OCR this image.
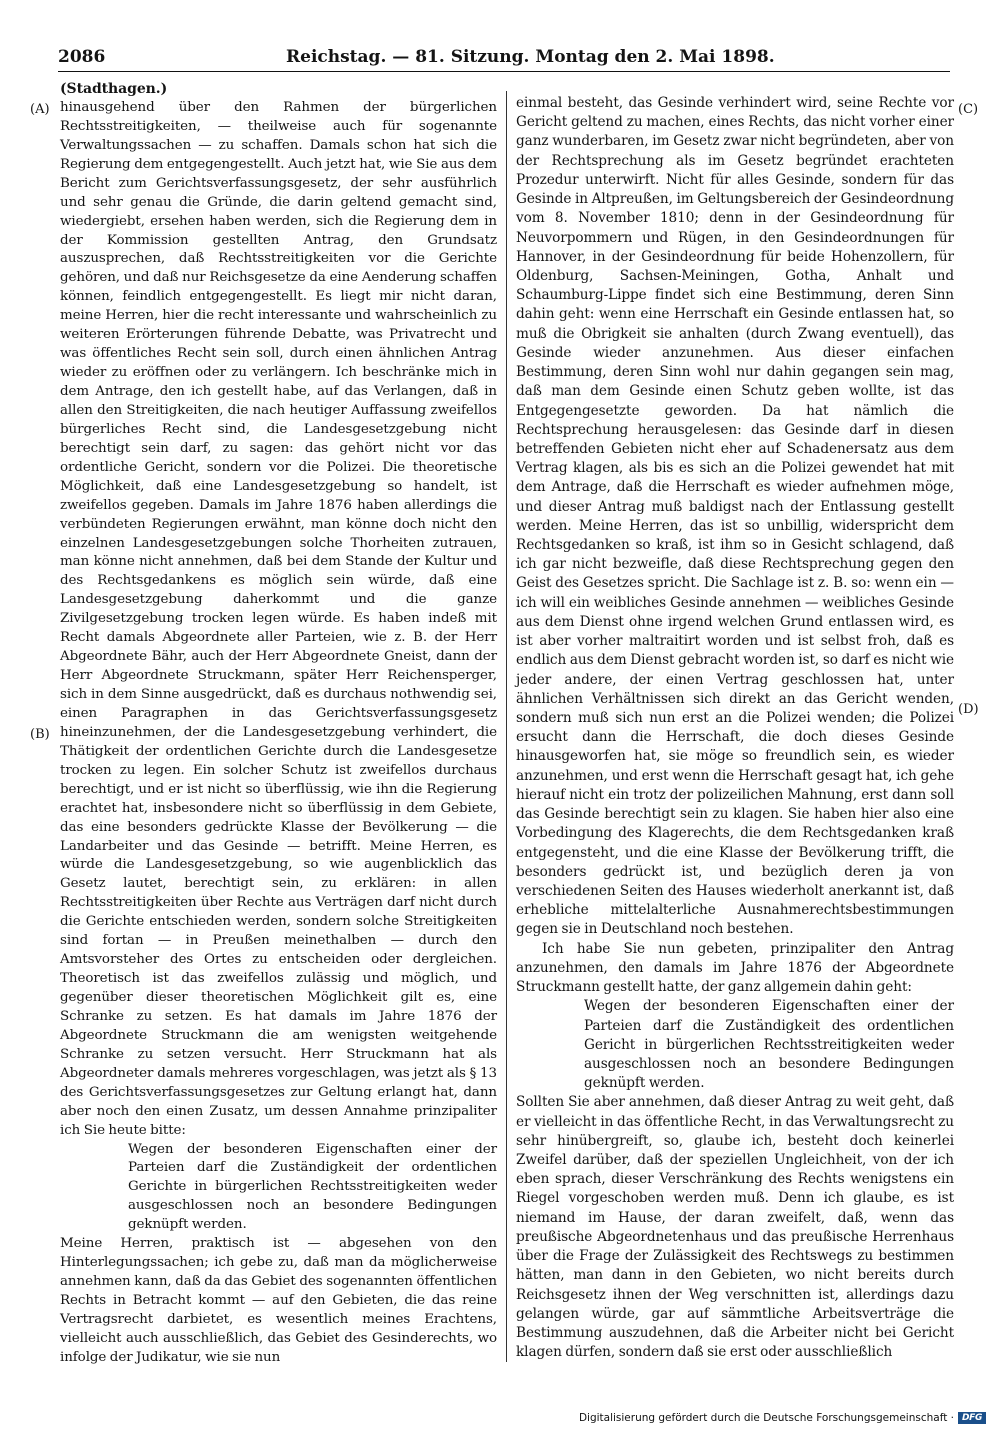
2086	Reichstag. — 81. Sitzung. Montag den 2. Mai 1898.
(A)
(B)
(C)
(D)
(Stadthagen.)

hinausgehend über den Rahmen der bürgerlichen Rechtsstreitigkeiten, — theilweise auch für sogenannte Verwaltungssachen — zu schaffen. Damals schon hat sich die Regierung dem entgegengestellt. Auch jetzt hat, wie Sie aus dem Bericht zum Gerichtsverfassungsgesetz, der sehr ausführlich und sehr genau die Gründe, die darin geltend gemacht sind, wiedergiebt, ersehen haben werden, sich die Regierung dem in der Kommission gestellten Antrag, den Grundsatz auszusprechen, daß Rechtsstreitigkeiten vor die Gerichte gehören, und daß nur Reichsgesetze da eine Aenderung schaffen können, feindlich entgegengestellt. Es liegt mir nicht daran, meine Herren, hier die recht interessante und wahrscheinlich zu weiteren Erörterungen führende Debatte, was Privatrecht und was öffentliches Recht sein soll, durch einen ähnlichen Antrag wieder zu eröffnen oder zu verlängern. Ich beschränke mich in dem Antrage, den ich gestellt habe, auf das Verlangen, daß in allen den Streitigkeiten, die nach heutiger Auffassung zweifellos bürgerliches Recht sind, die Landesgesetzgebung nicht berechtigt sein darf, zu sagen: das gehört nicht vor das ordentliche Gericht, sondern vor die Polizei. Die theoretische Möglichkeit, daß eine Landesgesetzgebung so handelt, ist zweifellos gegeben. Damals im Jahre 1876 haben allerdings die verbündeten Regierungen erwähnt, man könne doch nicht den einzelnen Landesgesetzgebungen solche Thorheiten zutrauen, man könne nicht annehmen, daß bei dem Stande der Kultur und des Rechtsgedankens es möglich sein würde, daß eine Landesgesetzgebung daherkommt und die ganze Zivilgesetzgebung trocken legen würde. Es haben indeß mit Recht damals Abgeordnete aller Parteien, wie z. B. der Herr Abgeordnete Bähr, auch der Herr Abgeordnete Gneist, dann der Herr Abgeordnete Struckmann, später Herr Reichensperger, sich in dem Sinne ausgedrückt, daß es durchaus nothwendig sei, einen Paragraphen in das Gerichtsverfassungsgesetz hineinzunehmen, der die Landesgesetzgebung verhindert, die Thätigkeit der ordentlichen Gerichte durch die Landesgesetze trocken zu legen. Ein solcher Schutz ist zweifellos durchaus berechtigt, und er ist nicht so überflüssig, wie ihn die Regierung erachtet hat, insbesondere nicht so überflüssig in dem Gebiete, das eine besonders gedrückte Klasse der Bevölkerung — die Landarbeiter und das Gesinde — betrifft. Meine Herren, es würde die Landesgesetzgebung, so wie augenblicklich das Gesetz lautet, berechtigt sein, zu erklären: in allen Rechtsstreitigkeiten über Rechte aus Verträgen darf nicht durch die Gerichte entschieden werden, sondern solche Streitigkeiten sind fortan — in Preußen meinethalben — durch den Amtsvorsteher des Ortes zu entscheiden oder dergleichen. Theoretisch ist das zweifellos zulässig und möglich, und gegenüber dieser theoretischen Möglichkeit gilt es, eine Schranke zu setzen. Es hat damals im Jahre 1876 der Abgeordnete Struckmann die am wenigsten weitgehende Schranke zu setzen versucht. Herr Struckmann hat als Abgeordneter damals mehreres vorgeschlagen, was jetzt als § 13 des Gerichtsverfassungsgesetzes zur Geltung erlangt hat, dann aber noch den einen Zusatz, um dessen Annahme prinzipaliter ich Sie heute bitte:

Wegen der besonderen Eigenschaften einer der Parteien darf die Zuständigkeit der ordentlichen Gerichte in bürgerlichen Rechtsstreitigkeiten weder ausgeschlossen noch an besondere Bedingungen geknüpft werden.

Meine Herren, praktisch ist — abgesehen von den Hinterlegungssachen; ich gebe zu, daß man da möglicherweise annehmen kann, daß da das Gebiet des sogenannten öffentlichen Rechts in Betracht kommt — auf den Gebieten, die das reine Vertragsrecht darbietet, es wesentlich meines Erachtens, vielleicht auch ausschließlich, das Gebiet des Gesinderechts, wo infolge der Judikatur, wie sie nun

einmal besteht, das Gesinde verhindert wird, seine Rechte vor Gericht geltend zu machen, eines Rechts, das nicht vorher einer ganz wunderbaren, im Gesetz zwar nicht begründeten, aber von der Rechtsprechung als im Gesetz begründet erachteten Prozedur unterwirft. Nicht für alles Gesinde, sondern für das Gesinde in Altpreußen, im Geltungsbereich der Gesindeordnung vom 8. November 1810; denn in der Gesindeordnung für Neuvorpommern und Rügen, in den Gesindeordnungen für Hannover, in der Gesindeordnung für beide Hohenzollern, für Oldenburg, Sachsen-Meiningen, Gotha, Anhalt und Schaumburg-Lippe findet sich eine Bestimmung, deren Sinn dahin geht: wenn eine Herrschaft ein Gesinde entlassen hat, so muß die Obrigkeit sie anhalten (durch Zwang eventuell), das Gesinde wieder anzunehmen. Aus dieser einfachen Bestimmung, deren Sinn wohl nur dahin gegangen sein mag, daß man dem Gesinde einen Schutz geben wollte, ist das Entgegengesetzte geworden. Da hat nämlich die Rechtsprechung herausgelesen: das Gesinde darf in diesen betreffenden Gebieten nicht eher auf Schadenersatz aus dem Vertrag klagen, als bis es sich an die Polizei gewendet hat mit dem Antrage, daß die Herrschaft es wieder aufnehmen möge, und dieser Antrag muß baldigst nach der Entlassung gestellt werden. Meine Herren, das ist so unbillig, widerspricht dem Rechtsgedanken so kraß, ist ihm so in Gesicht schlagend, daß ich gar nicht bezweifle, daß diese Rechtsprechung gegen den Geist des Gesetzes spricht. Die Sachlage ist z. B. so: wenn ein — ich will ein weibliches Gesinde annehmen — weibliches Gesinde aus dem Dienst ohne irgend welchen Grund entlassen wird, es ist aber vorher maltraitirt worden und ist selbst froh, daß es endlich aus dem Dienst gebracht worden ist, so darf es nicht wie jeder andere, der einen Vertrag geschlossen hat, unter ähnlichen Verhältnissen sich direkt an das Gericht wenden, sondern muß sich nun erst an die Polizei wenden; die Polizei ersucht dann die Herrschaft, die doch dieses Gesinde hinausgeworfen hat, sie möge so freundlich sein, es wieder anzunehmen, und erst wenn die Herrschaft gesagt hat, ich gehe hierauf nicht ein trotz der polizeilichen Mahnung, erst dann soll das Gesinde berechtigt sein zu klagen. Sie haben hier also eine Vorbedingung des Klagerechts, die dem Rechtsgedanken kraß entgegensteht, und die eine Klasse der Bevölkerung trifft, die besonders gedrückt ist, und bezüglich deren ja von verschiedenen Seiten des Hauses wiederholt anerkannt ist, daß erhebliche mittelalterliche Ausnahmerechtsbestimmungen gegen sie in Deutschland noch bestehen.

Ich habe Sie nun gebeten, prinzipaliter den Antrag anzunehmen, den damals im Jahre 1876 der Abgeordnete Struckmann gestellt hatte, der ganz allgemein dahin geht:

Wegen der besonderen Eigenschaften einer der Parteien darf die Zuständigkeit des ordentlichen Gericht in bürgerlichen Rechtsstreitigkeiten weder ausgeschlossen noch an besondere Bedingungen geknüpft werden.

Sollten Sie aber annehmen, daß dieser Antrag zu weit geht, daß er vielleicht in das öffentliche Recht, in das Verwaltungsrecht zu sehr hinübergreift, so, glaube ich, besteht doch keinerlei Zweifel darüber, daß der speziellen Ungleichheit, von der ich eben sprach, dieser Verschränkung des Rechts wenigstens ein Riegel vorgeschoben werden muß. Denn ich glaube, es ist niemand im Hause, der daran zweifelt, daß, wenn das preußische Abgeordnetenhaus und das preußische Herrenhaus über die Frage der Zulässigkeit des Rechtswegs zu bestimmen hätten, man dann in den Gebieten, wo nicht bereits durch Reichsgesetz ihnen der Weg verschnitten ist, allerdings dazu gelangen würde, gar auf sämmtliche Arbeitsverträge die Bestimmung auszudehnen, daß die Arbeiter nicht bei Gericht klagen dürfen, sondern daß sie erst oder ausschließlich

Digitalisierung gefördert durch die Deutsche Forschungsgemeinschaft · DFG
